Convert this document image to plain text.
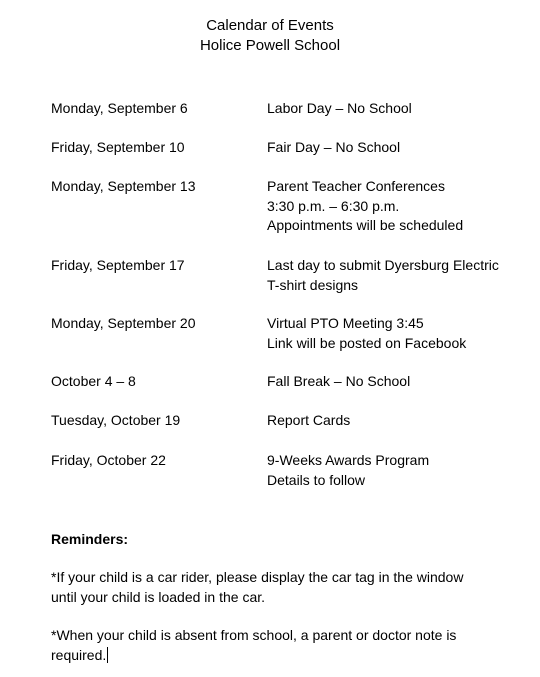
Calendar of Events
Holice Powell School
Monday, September 6	Labor Day – No School
Friday, September 10	Fair Day – No School
Monday, September 13	Parent Teacher Conferences
3:30 p.m. – 6:30 p.m.
Appointments will be scheduled
Friday, September 17	Last day to submit Dyersburg Electric
T-shirt designs
Monday, September 20	Virtual PTO Meeting 3:45
Link will be posted on Facebook
October 4 – 8	Fall Break – No School
Tuesday, October 19	Report Cards
Friday, October 22	9-Weeks Awards Program
Details to follow
Reminders:
*If your child is a car rider, please display the car tag in the window
until your child is loaded in the car.
*When your child is absent from school, a parent or doctor note is
required.
